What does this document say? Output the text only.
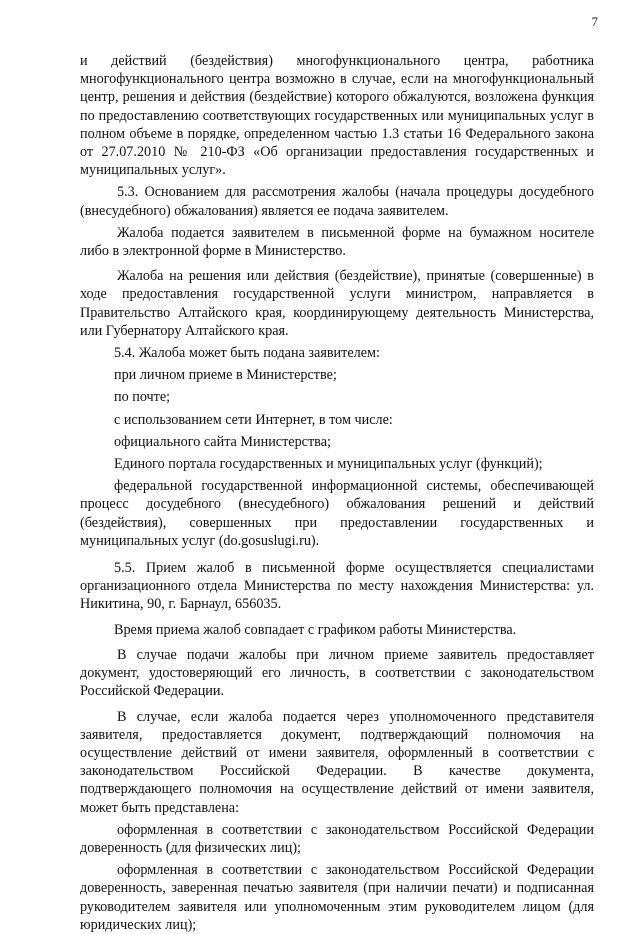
7

и действий (бездействия) многофункционального центра, работника многофункционального центра возможно в случае, если на многофункциональный центр, решения и действия (бездействие) которого обжалуются, возложена функция по предоставлению соответствующих государственных или муниципальных услуг в полном объеме в порядке, определенном частью 1.3 статьи 16 Федерального закона от 27.07.2010 № 210-ФЗ «Об организации предоставления государственных и муниципальных услуг».

5.3. Основанием для рассмотрения жалобы (начала процедуры досудебного (внесудебного) обжалования) является ее подача заявителем.

Жалоба подается заявителем в письменной форме на бумажном носителе либо в электронной форме в Министерство.

Жалоба на решения или действия (бездействие), принятые (совершенные) в ходе предоставления государственной услуги министром, направляется в Правительство Алтайского края, координирующему деятельность Министерства, или Губернатору Алтайского края.

5.4. Жалоба может быть подана заявителем:

при личном приеме в Министерстве;

по почте;

с использованием сети Интернет, в том числе:

официального сайта Министерства;

Единого портала государственных и муниципальных услуг (функций);

федеральной государственной информационной системы, обеспечивающей процесс досудебного (внесудебного) обжалования решений и действий (бездействия), совершенных при предоставлении государственных и муниципальных услуг (do.gosuslugi.ru).

5.5. Прием жалоб в письменной форме осуществляется специалистами организационного отдела Министерства по месту нахождения Министерства: ул. Никитина, 90, г. Барнаул, 656035.

Время приема жалоб совпадает с графиком работы Министерства.

В случае подачи жалобы при личном приеме заявитель предоставляет документ, удостоверяющий его личность, в соответствии с законодательством Российской Федерации.

В случае, если жалоба подается через уполномоченного представителя заявителя, предоставляется документ, подтверждающий полномочия на осуществление действий от имени заявителя, оформленный в соответствии с законодательством Российской Федерации. В качестве документа, подтверждающего полномочия на осуществление действий от имени заявителя, может быть представлена:

оформленная в соответствии с законодательством Российской Федерации доверенность (для физических лиц);

оформленная в соответствии с законодательством Российской Федерации доверенность, заверенная печатью заявителя (при наличии печати) и подписанная руководителем заявителя или уполномоченным этим руководителем лицом (для юридических лиц);
